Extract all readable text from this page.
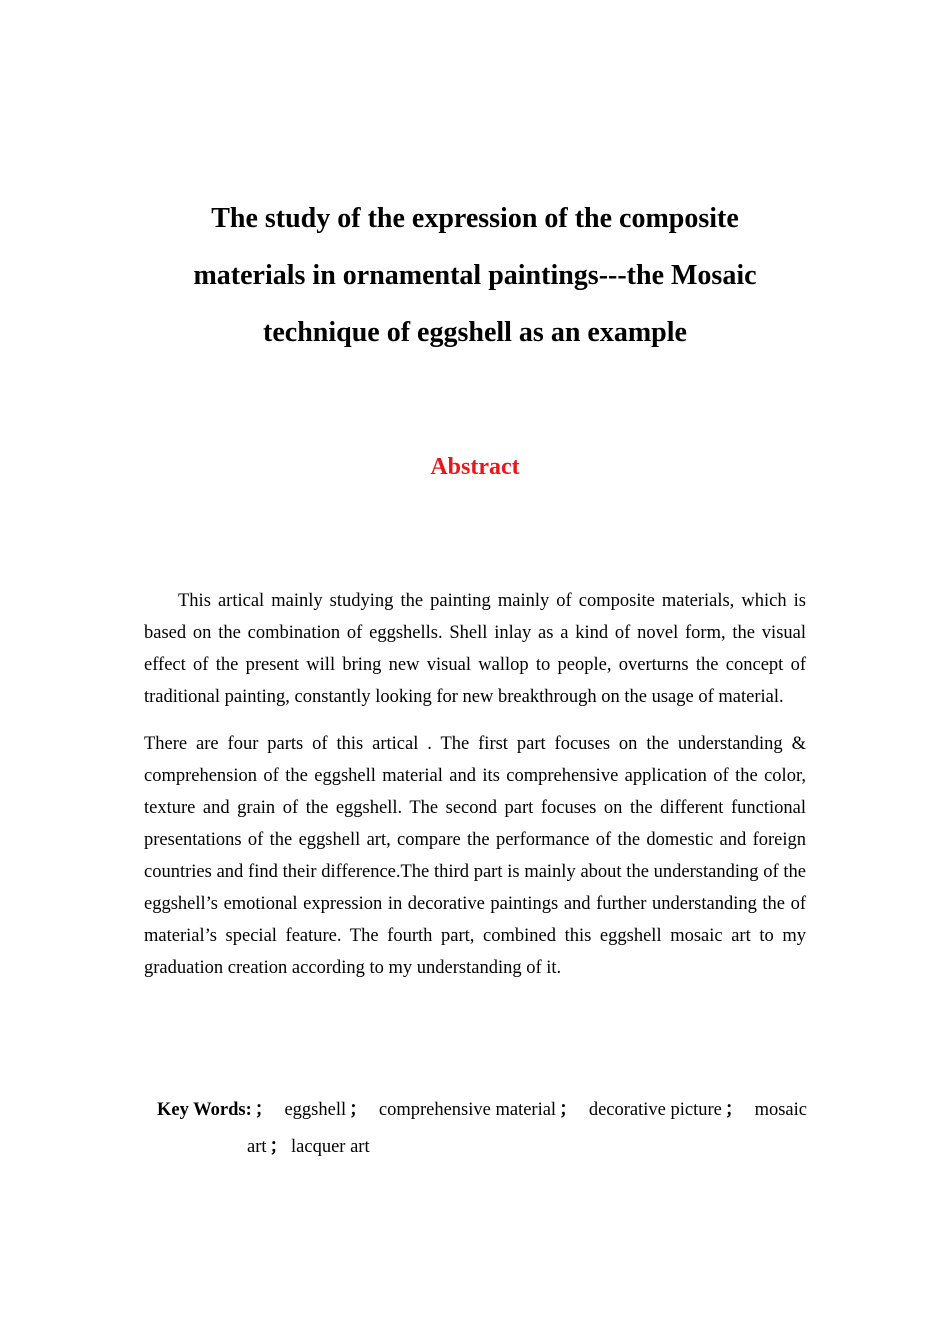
The study of the expression of the composite
materials in ornamental paintings---the Mosaic
technique of eggshell as an example
Abstract

This artical mainly studying the painting mainly of composite materials, which is based on the combination of eggshells. Shell inlay as a kind of novel form, the visual effect of the present will bring new visual wallop to people, overturns the concept of traditional painting, constantly looking for new breakthrough on the usage of material.

There are four parts of this artical . The first part focuses on the understanding & comprehension of the eggshell material and its comprehensive application of the color, texture and grain of the eggshell. The second part focuses on the different functional presentations of the eggshell art, compare the performance of the domestic and foreign countries and find their difference.The third part is mainly about the understanding of the eggshell’s emotional expression in decorative paintings and further understanding the of material’s special feature. The fourth part, combined this eggshell mosaic art to my graduation creation according to my understanding of it.

Key Words: ； eggshell ； comprehensive material ； decorative picture ； mosaic
art ； lacquer art
